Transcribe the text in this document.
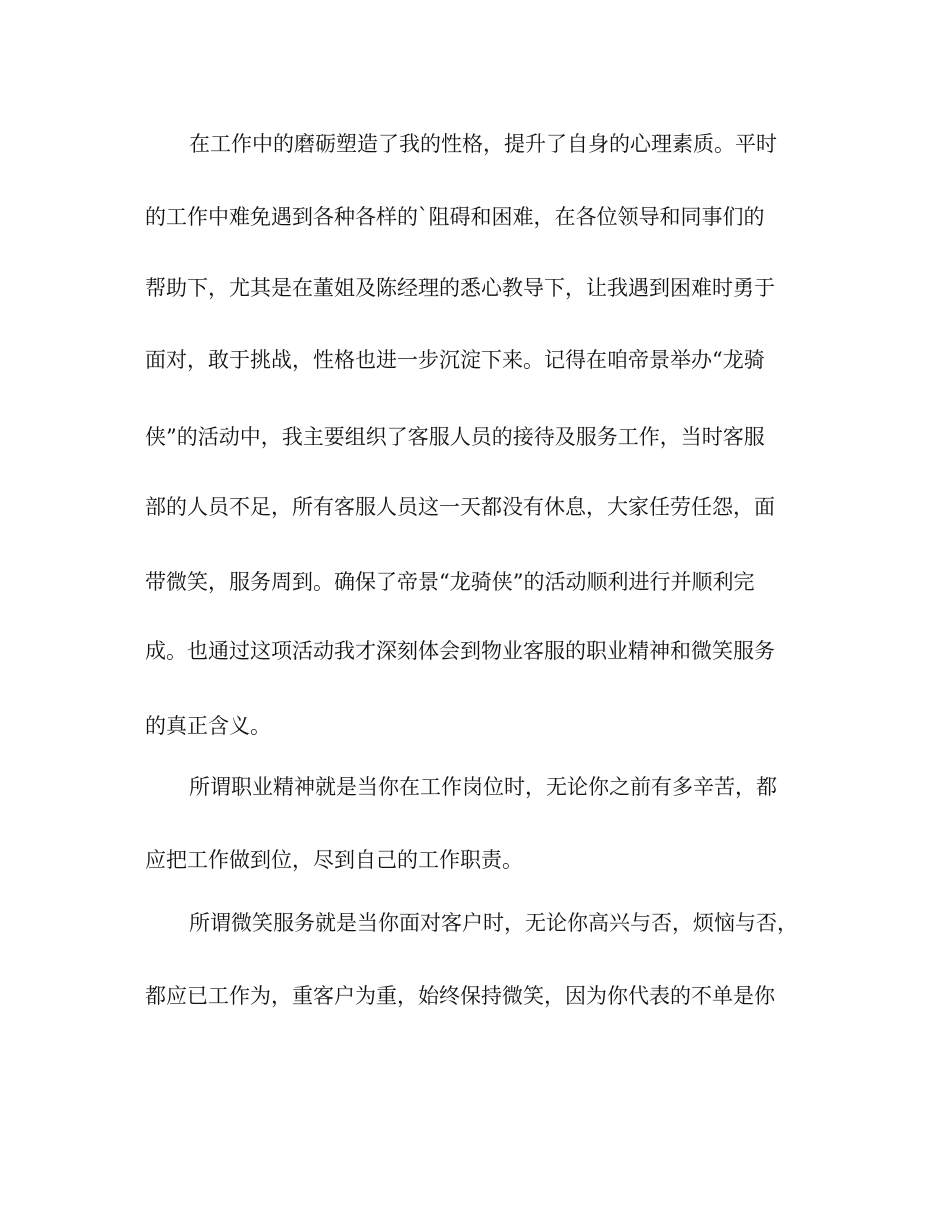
在工作中的磨砺塑造了我的性格，提升了自身的心理素质。平时
的工作中难免遇到各种各样的`阻碍和困难，在各位领导和同事们的
帮助下，尤其是在董姐及陈经理的悉心教导下，让我遇到困难时勇于
面对，敢于挑战，性格也进一步沉淀下来。记得在咱帝景举办“龙骑
侠”的活动中，我主要组织了客服人员的接待及服务工作，当时客服
部的人员不足，所有客服人员这一天都没有休息，大家任劳任怨，面
带微笑，服务周到。确保了帝景“龙骑侠”的活动顺利进行并顺利完
成。也通过这项活动我才深刻体会到物业客服的职业精神和微笑服务
的真正含义。
所谓职业精神就是当你在工作岗位时，无论你之前有多辛苦，都
应把工作做到位，尽到自己的工作职责。
所谓微笑服务就是当你面对客户时，无论你高兴与否，烦恼与否，
都应已工作为，重客户为重，始终保持微笑，因为你代表的不单是你
